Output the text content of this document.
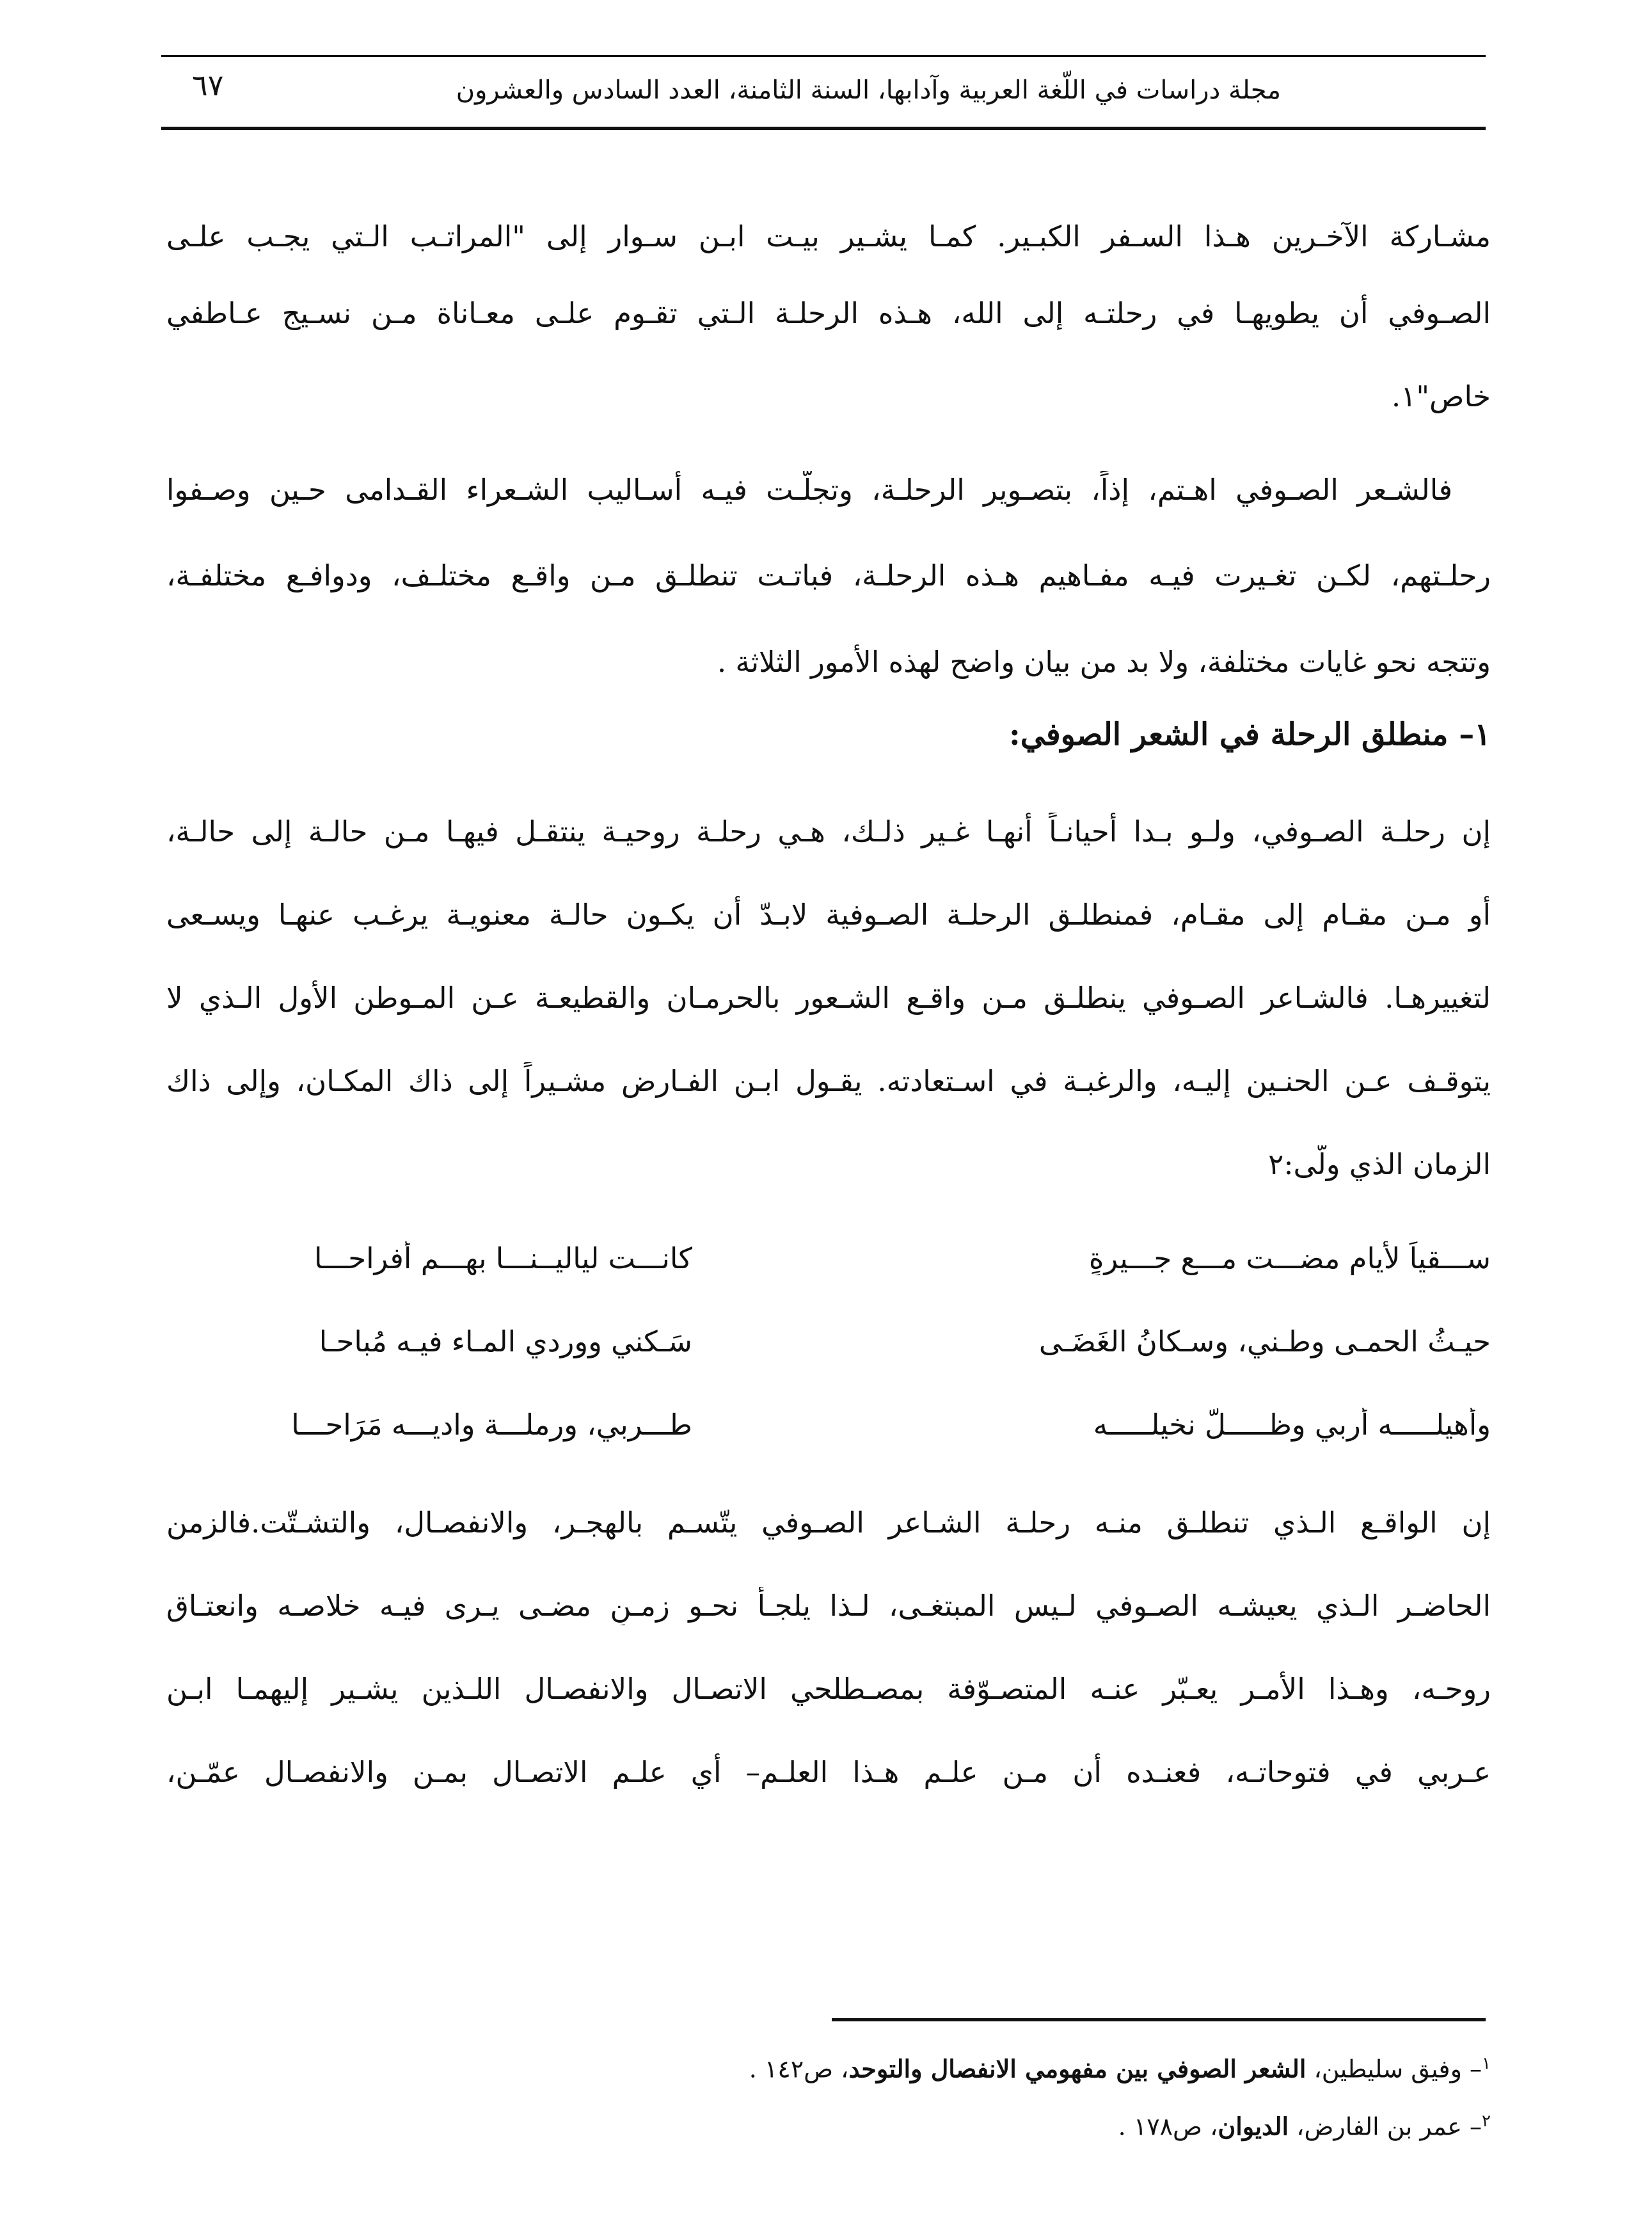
مجلة دراسات في اللّغة العربية وآدابها، السنة الثامنة، العدد السادس والعشرون
٦٧
مشـاركة الآخـرين هـذا السـفر الكبـير. كمـا يشـير بيـت ابـن سـوار إلى "المراتـب الـتي يجـب علـى
الصـوفي أن يطويهـا في رحلتـه إلى الله، هـذه الرحلـة الـتي تقـوم علـى معـاناة مـن نسـيج عـاطفي
خاص"١.
فالشـعر الصـوفي اهـتم، إذاً، بتصـوير الرحلـة، وتجلّـت فيـه أسـاليب الشـعراء القـدامى حـين وصـفوا
رحلـتهم، لكـن تغـيرت فيـه مفـاهيم هـذه الرحلـة، فباتـت تنطلـق مـن واقـع مختلـف، ودوافـع مختلفـة،
وتتجه نحو غايات مختلفة، ولا بد من بيان واضح لهذه الأمور الثلاثة .
١– منطلق الرحلة في الشعر الصوفي:
إن رحلـة الصـوفي، ولـو بـدا أحيانـاً أنهـا غـير ذلـك، هـي رحلـة روحيـة ينتقـل فيهـا مـن حالـة إلى حالـة،
أو مـن مقـام إلى مقـام، فمنطلـق الرحلـة الصـوفية لابـدّ أن يكـون حالـة معنويـة يرغـب عنهـا ويسـعى
لتغييرهـا. فالشـاعر الصـوفي ينطلـق مـن واقـع الشـعور بالحرمـان والقطيعـة عـن المـوطن الأول الـذي لا
يتوقـف عـن الحنـين إليـه، والرغبـة في اسـتعادته. يقـول ابـن الفـارض مشـيراً إلى ذاك المكـان، وإلى ذاك
الزمان الذي ولّى:٢
ســـقياً لأيامٍ مضـــت مـــع جـــيرةٍ
كانـــت لياليــنـــا بهـــم أفراحـــا
حيـثُ الحمـى وطـني، وسـكانُ الغَضَـى
سَـكني ووردي المـاء فيـه مُباحـا
وأهيلـــــه أربي وظـــــلّ نخيلـــــه
طـــربي، ورملـــة واديـــه مَرَاحـــا
إن الواقـع الـذي تنطلـق منـه رحلـة الشـاعر الصـوفي يتّسـم بالهجـر، والانفصـال، والتشـتّت.فالزمن
الحاضـر الـذي يعيشـه الصـوفي لـيس المبتغـى، لـذا يلجـأ نحـو زمـنٍ مضـى يـرى فيـه خلاصـه وانعتـاق
روحـه، وهـذا الأمـر يعـبّر عنـه المتصـوّفة بمصـطلحي الاتصـال والانفصـال اللـذين يشـير إليهمـا ابـن
عـربي في فتوحاتـه، فعنـده أن مـن علـم هـذا العلـم– أي علـم الاتصـال بمـن والانفصـال عمّـن،
$^١$– وفيق سليطين، الشعر الصوفي بين مفهومي الانفصال والتوحد، ص١٤٢ .
$^٢$– عمر بن الفارض، الديوان، ص١٧٨ .
